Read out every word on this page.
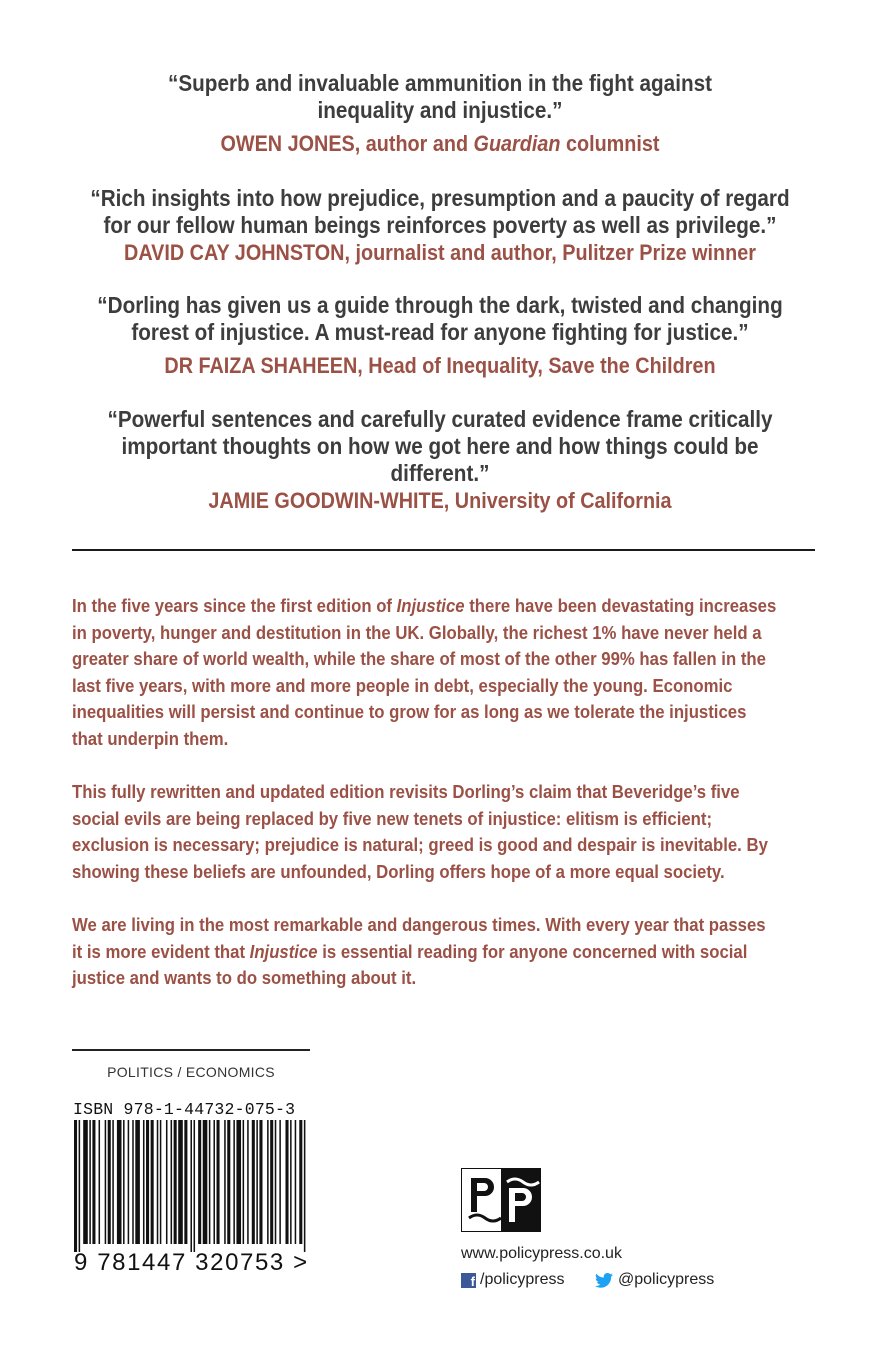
“Superb and invaluable ammunition in the fight against

inequality and injustice.”

OWEN JONES, author and Guardian columnist

“Rich insights into how prejudice, presumption and a paucity of regard

for our fellow human beings reinforces poverty as well as privilege.”

DAVID CAY JOHNSTON, journalist and author, Pulitzer Prize winner

“Dorling has given us a guide through the dark, twisted and changing

forest of injustice. A must-read for anyone fighting for justice.”

DR FAIZA SHAHEEN, Head of Inequality, Save the Children

“Powerful sentences and carefully curated evidence frame critically

important thoughts on how we got here and how things could be different.”

JAMIE GOODWIN-WHITE, University of California

In the five years since the first edition of Injustice there have been devastating increases in poverty, hunger and destitution in the UK. Globally, the richest 1% have never held a greater share of world wealth, while the share of most of the other 99% has fallen in the last five years, with more and more people in debt, especially the young. Economic inequalities will persist and continue to grow for as long as we tolerate the injustices that underpin them.

This fully rewritten and updated edition revisits Dorling’s claim that Beveridge’s five social evils are being replaced by five new tenets of injustice: elitism is efficient; exclusion is necessary; prejudice is natural; greed is good and despair is inevitable. By showing these beliefs are unfounded, Dorling offers hope of a more equal society.

We are living in the most remarkable and dangerous times. With every year that passes it is more evident that Injustice is essential reading for anyone concerned with social justice and wants to do something about it.

POLITICS / ECONOMICS
ISBN 978-1-44732-075-3
9 781447 320753 >	www.policypress.co.uk
f /policypress	@policypress
